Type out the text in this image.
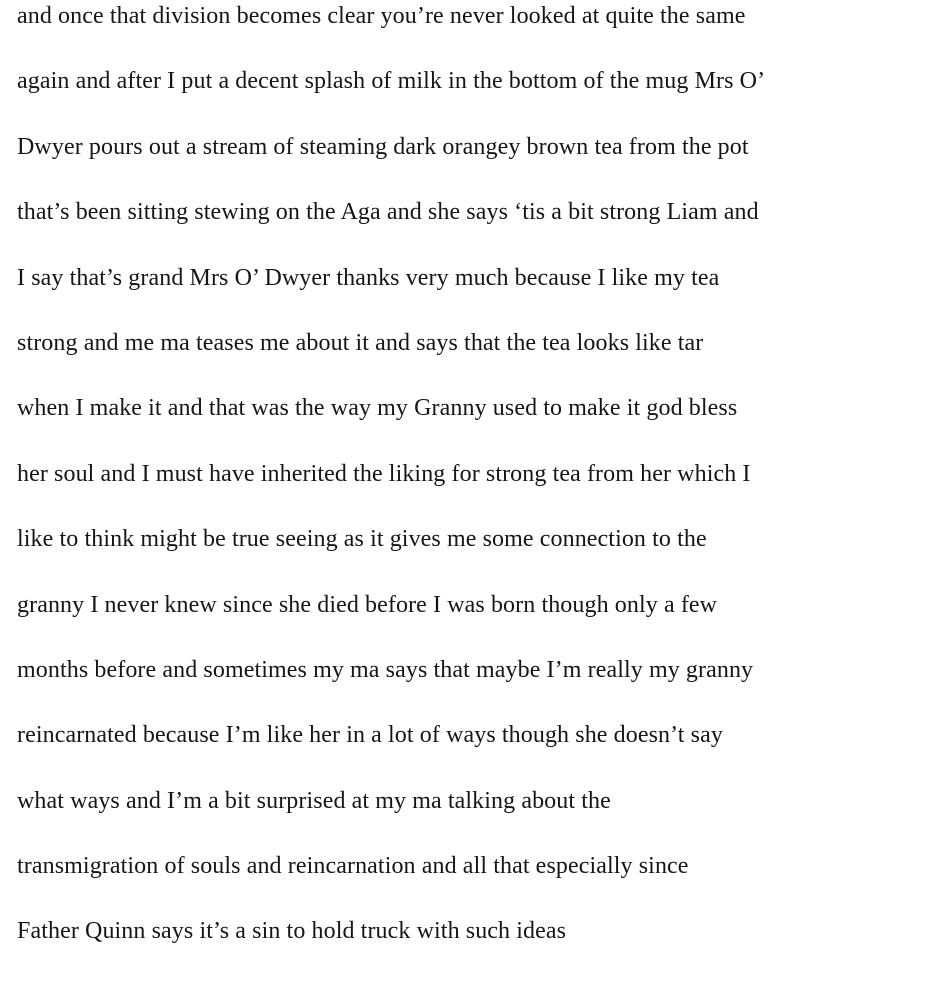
and once that division becomes clear you’re never looked at quite the same
again and after I put a decent splash of milk in the bottom of the mug Mrs O’
Dwyer pours out a stream of steaming dark orangey brown tea from the pot
that’s been sitting stewing on the Aga and she says ‘tis a bit strong Liam and
I say that’s grand Mrs O’ Dwyer thanks very much because I like my tea
strong and me ma teases me about it and says that the tea looks like tar
when I make it and that was the way my Granny used to make it god bless
her soul and I must have inherited the liking for strong tea from her which I
like to think might be true seeing as it gives me some connection to the
granny I never knew since she died before I was born though only a few
months before and sometimes my ma says that maybe I’m really my granny
reincarnated because I’m like her in a lot of ways though she doesn’t say
what ways and I’m a bit surprised at my ma talking about the
transmigration of souls and reincarnation and all that especially since
Father Quinn says it’s a sin to hold truck with such ideas
